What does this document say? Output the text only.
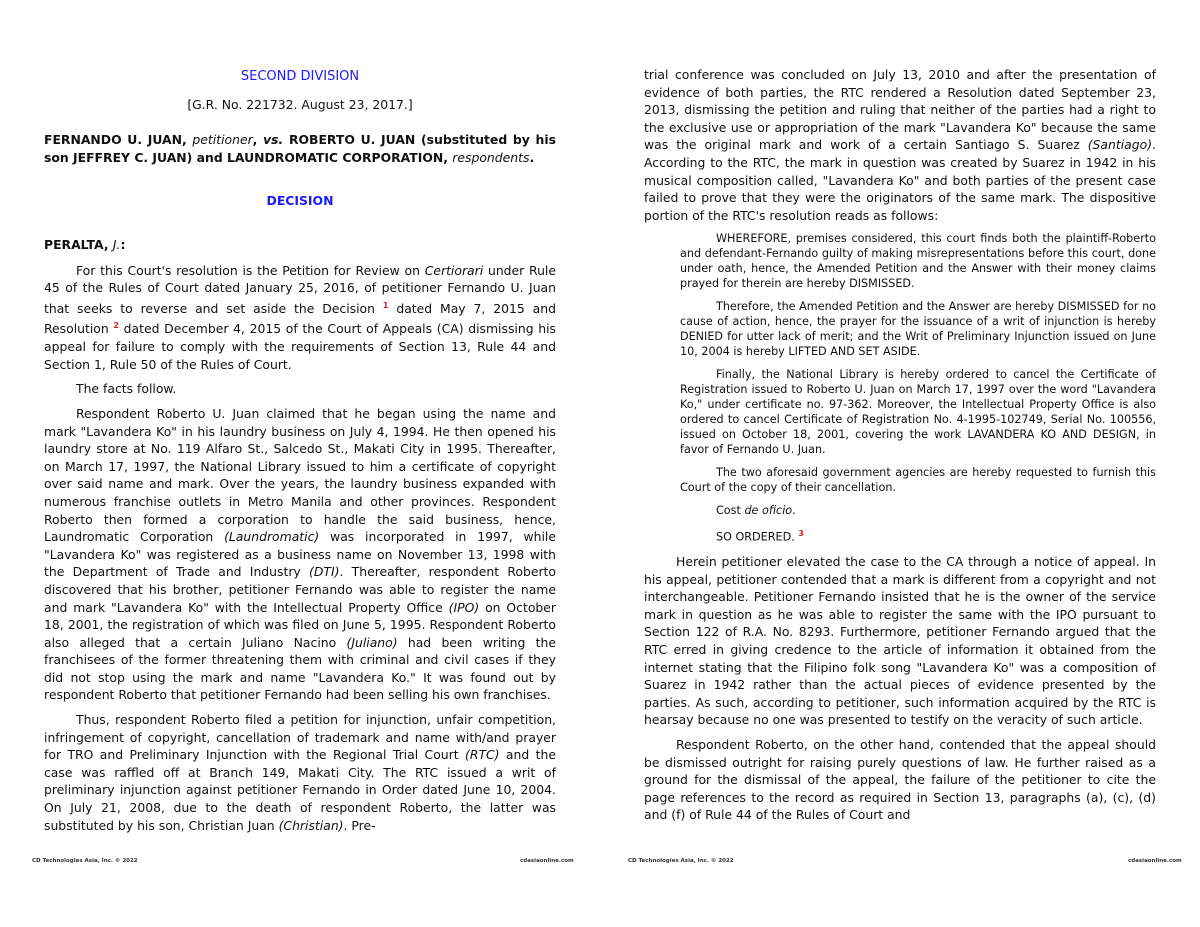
SECOND DIVISION
[G.R. No. 221732. August 23, 2017.]
FERNANDO U. JUAN, petitioner, vs. ROBERTO U. JUAN (substituted by his son JEFFREY C. JUAN) and LAUNDROMATIC CORPORATION, respondents.
DECISION
PERALTA, J.:

For this Court's resolution is the Petition for Review on Certiorari under Rule 45 of the Rules of Court dated January 25, 2016, of petitioner Fernando U. Juan that seeks to reverse and set aside the Decision $^1$ dated May 7, 2015 and Resolution $^2$ dated December 4, 2015 of the Court of Appeals (CA) dismissing his appeal for failure to comply with the requirements of Section 13, Rule 44 and Section 1, Rule 50 of the Rules of Court.

The facts follow.

Respondent Roberto U. Juan claimed that he began using the name and mark "Lavandera Ko" in his laundry business on July 4, 1994. He then opened his laundry store at No. 119 Alfaro St., Salcedo St., Makati City in 1995. Thereafter, on March 17, 1997, the National Library issued to him a certificate of copyright over said name and mark. Over the years, the laundry business expanded with numerous franchise outlets in Metro Manila and other provinces. Respondent Roberto then formed a corporation to handle the said business, hence, Laundromatic Corporation (Laundromatic) was incorporated in 1997, while "Lavandera Ko" was registered as a business name on November 13, 1998 with the Department of Trade and Industry (DTI). Thereafter, respondent Roberto discovered that his brother, petitioner Fernando was able to register the name and mark "Lavandera Ko" with the Intellectual Property Office (IPO) on October 18, 2001, the registration of which was filed on June 5, 1995. Respondent Roberto also alleged that a certain Juliano Nacino (Juliano) had been writing the franchisees of the former threatening them with criminal and civil cases if they did not stop using the mark and name "Lavandera Ko." It was found out by respondent Roberto that petitioner Fernando had been selling his own franchises.

Thus, respondent Roberto filed a petition for injunction, unfair competition, infringement of copyright, cancellation of trademark and name with/and prayer for TRO and Preliminary Injunction with the Regional Trial Court (RTC) and the case was raffled off at Branch 149, Makati City. The RTC issued a writ of preliminary injunction against petitioner Fernando in Order dated June 10, 2004. On July 21, 2008, due to the death of respondent Roberto, the latter was substituted by his son, Christian Juan (Christian). Pre-

CD Technologies Asia, Inc. © 2022	cdasiaonline.com

trial conference was concluded on July 13, 2010 and after the presentation of evidence of both parties, the RTC rendered a Resolution dated September 23, 2013, dismissing the petition and ruling that neither of the parties had a right to the exclusive use or appropriation of the mark "Lavandera Ko" because the same was the original mark and work of a certain Santiago S. Suarez (Santiago). According to the RTC, the mark in question was created by Suarez in 1942 in his musical composition called, "Lavandera Ko" and both parties of the present case failed to prove that they were the originators of the same mark. The dispositive portion of the RTC's resolution reads as follows:

WHEREFORE, premises considered, this court finds both the plaintiff-Roberto and defendant-Fernando guilty of making misrepresentations before this court, done under oath, hence, the Amended Petition and the Answer with their money claims prayed for therein are hereby DISMISSED.
Therefore, the Amended Petition and the Answer are hereby DISMISSED for no cause of action, hence, the prayer for the issuance of a writ of injunction is hereby DENIED for utter lack of merit; and the Writ of Preliminary Injunction issued on June 10, 2004 is hereby LIFTED AND SET ASIDE.
Finally, the National Library is hereby ordered to cancel the Certificate of Registration issued to Roberto U. Juan on March 17, 1997 over the word "Lavandera Ko," under certificate no. 97-362. Moreover, the Intellectual Property Office is also ordered to cancel Certificate of Registration No. 4-1995-102749, Serial No. 100556, issued on October 18, 2001, covering the work LAVANDERA KO AND DESIGN, in favor of Fernando U. Juan.
The two aforesaid government agencies are hereby requested to furnish this Court of the copy of their cancellation.
Cost de oficio.
SO ORDERED. $^3$

Herein petitioner elevated the case to the CA through a notice of appeal. In his appeal, petitioner contended that a mark is different from a copyright and not interchangeable. Petitioner Fernando insisted that he is the owner of the service mark in question as he was able to register the same with the IPO pursuant to Section 122 of R.A. No. 8293. Furthermore, petitioner Fernando argued that the RTC erred in giving credence to the article of information it obtained from the internet stating that the Filipino folk song "Lavandera Ko" was a composition of Suarez in 1942 rather than the actual pieces of evidence presented by the parties. As such, according to petitioner, such information acquired by the RTC is hearsay because no one was presented to testify on the veracity of such article.

Respondent Roberto, on the other hand, contended that the appeal should be dismissed outright for raising purely questions of law. He further raised as a ground for the dismissal of the appeal, the failure of the petitioner to cite the page references to the record as required in Section 13, paragraphs (a), (c), (d) and (f) of Rule 44 of the Rules of Court and

CD Technologies Asia, Inc. © 2022	cdasiaonline.com
